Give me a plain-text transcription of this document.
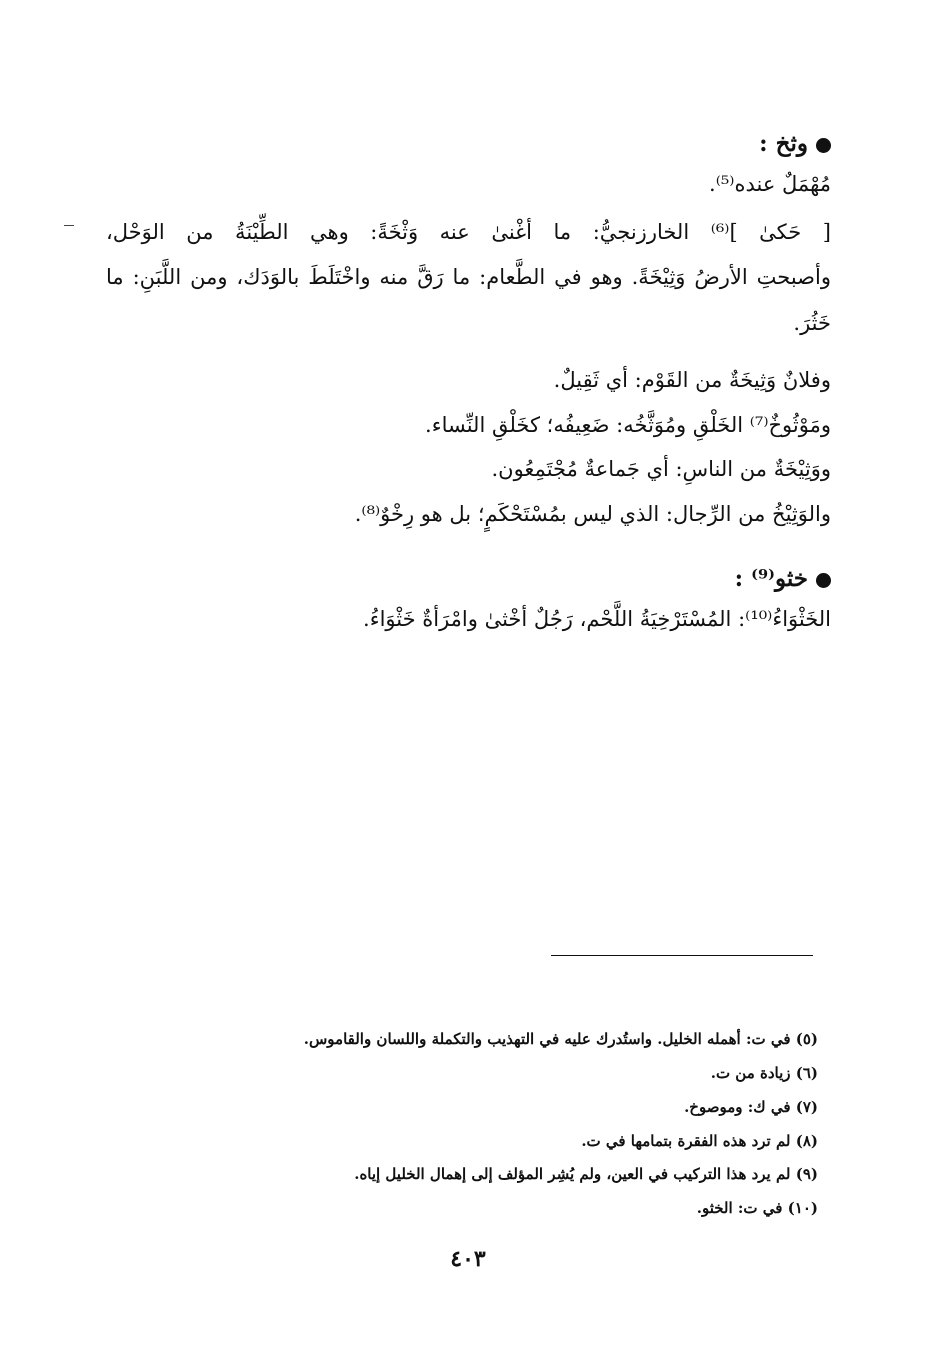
وثخ :
مُهْمَلٌ عنده⁽⁵⁾.
[ حَكىٰ ]⁽⁶⁾ الخارزنجيُّ: ما أغْنىٰ عنه وَثْخَةً: وهي الطِّيْنَةُ من الوَحْل،
وأصبحتِ الأرضُ وَثِيْخَةً. وهو في الطَّعام: ما رَقَّ منه واخْتَلَطَ بالوَدَك، ومن اللَّبَنِ: ما
خَثُرَ.
وفلانٌ وَثِيخَةٌ من القَوْم: أي ثَقِيلٌ.
ومَوْثُوخٌ⁽⁷⁾ الخَلْقِ ومُوَثَّخُه: ضَعِيفُه؛ كخَلْقِ النِّساء.
ووَثِيْخَةٌ من الناسِ: أي جَماعةٌ مُجْتَمِعُون.
والوَثِيْخُ من الرِّجال: الذي ليس بمُسْتَحْكَمٍ؛ بل هو رِخْوٌ⁽⁸⁾.
خثو⁽⁹⁾ :
الخَثْوَاءُ⁽¹⁰⁾: المُسْتَرْخِيَةُ اللَّحْم، رَجُلٌ أخْثىٰ وامْرَأةٌ خَثْوَاءُ.
(٥) في ت: أهمله الخليل. واستُدرك عليه في التهذيب والتكملة واللسان والقاموس.
(٦) زيادة من ت.
(٧) في ك: وموصوخ.
(٨) لم ترد هذه الفقرة بتمامها في ت.
(٩) لم يرد هذا التركيب في العين، ولم يُشِر المؤلف إلى إهمال الخليل إياه.
(١٠) في ت: الخثو.
٤٠٣
